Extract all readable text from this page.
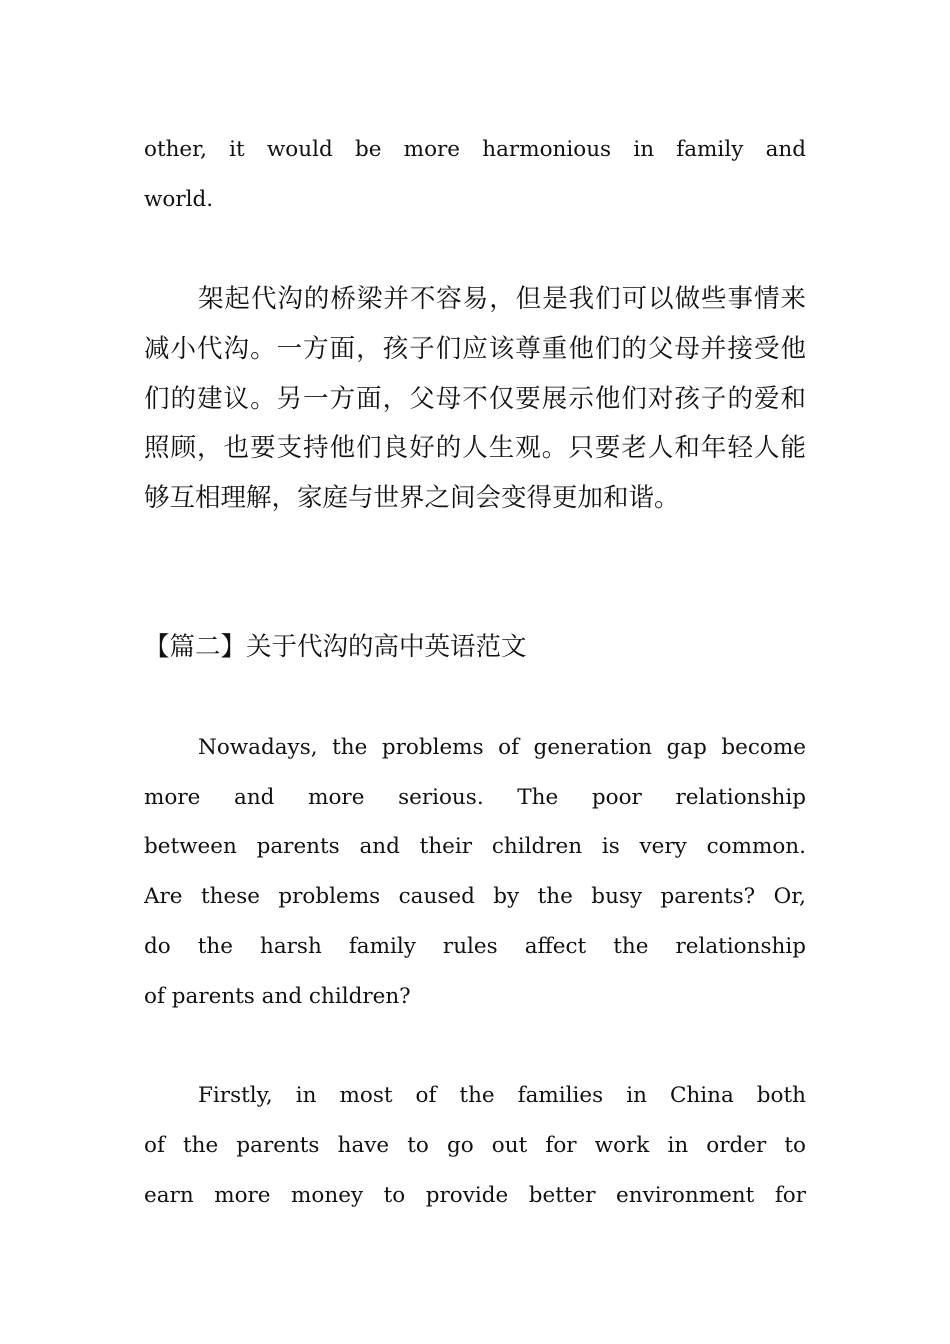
other, it would be more harmonious in family and
world.
架起代沟的桥梁并不容易，但是我们可以做些事情来
减小代沟。一方面，孩子们应该尊重他们的父母并接受他
们的建议。另一方面，父母不仅要展示他们对孩子的爱和
照顾，也要支持他们良好的人生观。只要老人和年轻人能
够互相理解，家庭与世界之间会变得更加和谐。
【篇二】关于代沟的高中英语范文
Nowadays, the problems of generation gap become
more and more serious. The poor relationship
between parents and their children is very common.
Are these problems caused by the busy parents? Or,
do the harsh family rules affect the relationship
of parents and children?
Firstly, in most of the families in China both
of the parents have to go out for work in order to
earn more money to provide better environment for
